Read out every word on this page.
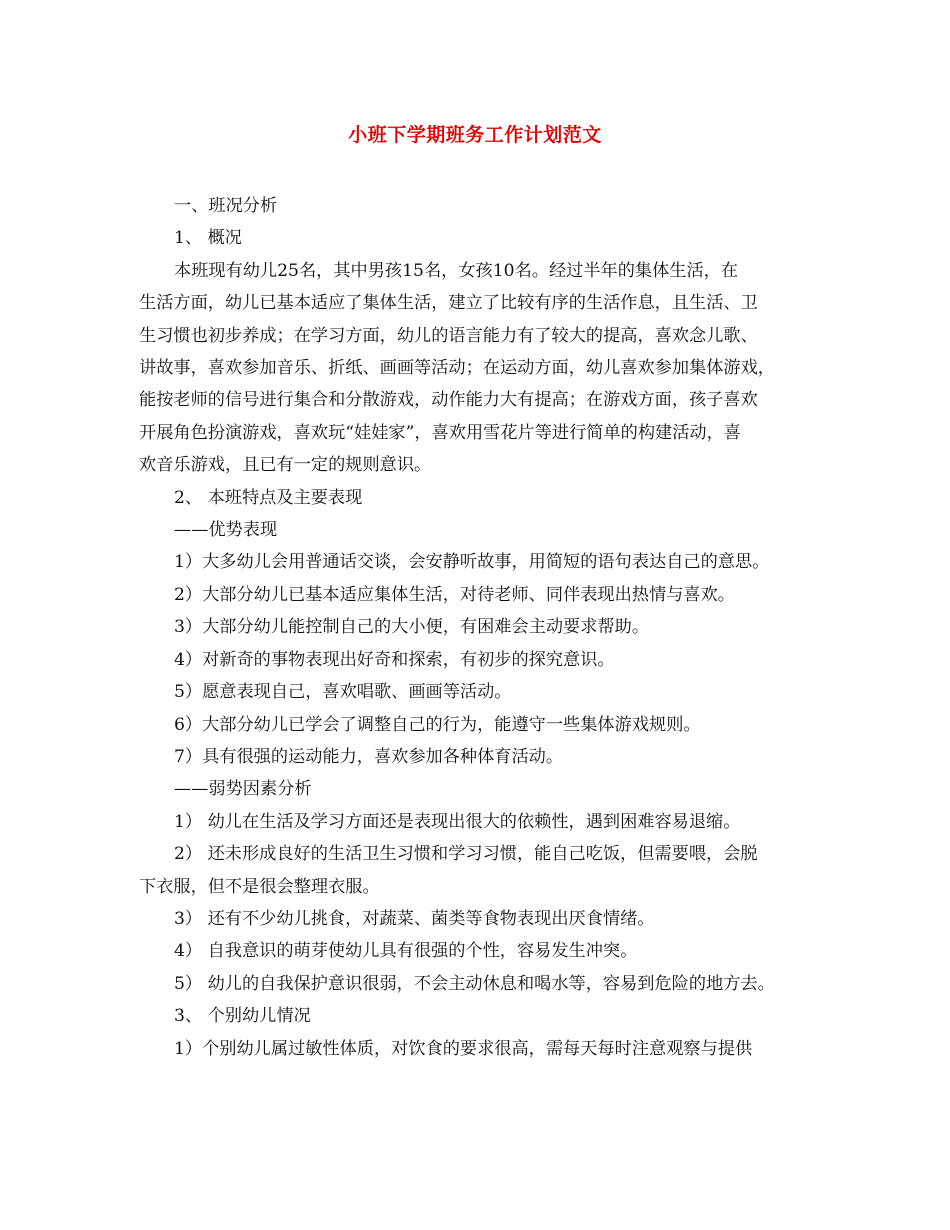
小班下学期班务工作计划范文
一、班况分析
1、 概况
本班现有幼儿25名，其中男孩15名，女孩10名。经过半年的集体生活，在
生活方面，幼儿已基本适应了集体生活，建立了比较有序的生活作息，且生活、卫
生习惯也初步养成；在学习方面，幼儿的语言能力有了较大的提高，喜欢念儿歌、
讲故事，喜欢参加音乐、折纸、画画等活动；在运动方面，幼儿喜欢参加集体游戏，
能按老师的信号进行集合和分散游戏，动作能力大有提高；在游戏方面，孩子喜欢
开展角色扮演游戏，喜欢玩“娃娃家”，喜欢用雪花片等进行简单的构建活动，喜
欢音乐游戏，且已有一定的规则意识。
2、 本班特点及主要表现
——优势表现
1）大多幼儿会用普通话交谈，会安静听故事，用简短的语句表达自己的意思。
2）大部分幼儿已基本适应集体生活，对待老师、同伴表现出热情与喜欢。
3）大部分幼儿能控制自己的大小便，有困难会主动要求帮助。
4）对新奇的事物表现出好奇和探索，有初步的探究意识。
5）愿意表现自己，喜欢唱歌、画画等活动。
6）大部分幼儿已学会了调整自己的行为，能遵守一些集体游戏规则。
7）具有很强的运动能力，喜欢参加各种体育活动。
——弱势因素分析
1） 幼儿在生活及学习方面还是表现出很大的依赖性，遇到困难容易退缩。
2） 还未形成良好的生活卫生习惯和学习习惯，能自己吃饭，但需要喂，会脱
下衣服，但不是很会整理衣服。
3） 还有不少幼儿挑食，对蔬菜、菌类等食物表现出厌食情绪。
4） 自我意识的萌芽使幼儿具有很强的个性，容易发生冲突。
5） 幼儿的自我保护意识很弱，不会主动休息和喝水等，容易到危险的地方去。
3、 个别幼儿情况
1）个别幼儿属过敏性体质，对饮食的要求很高，需每天每时注意观察与提供
